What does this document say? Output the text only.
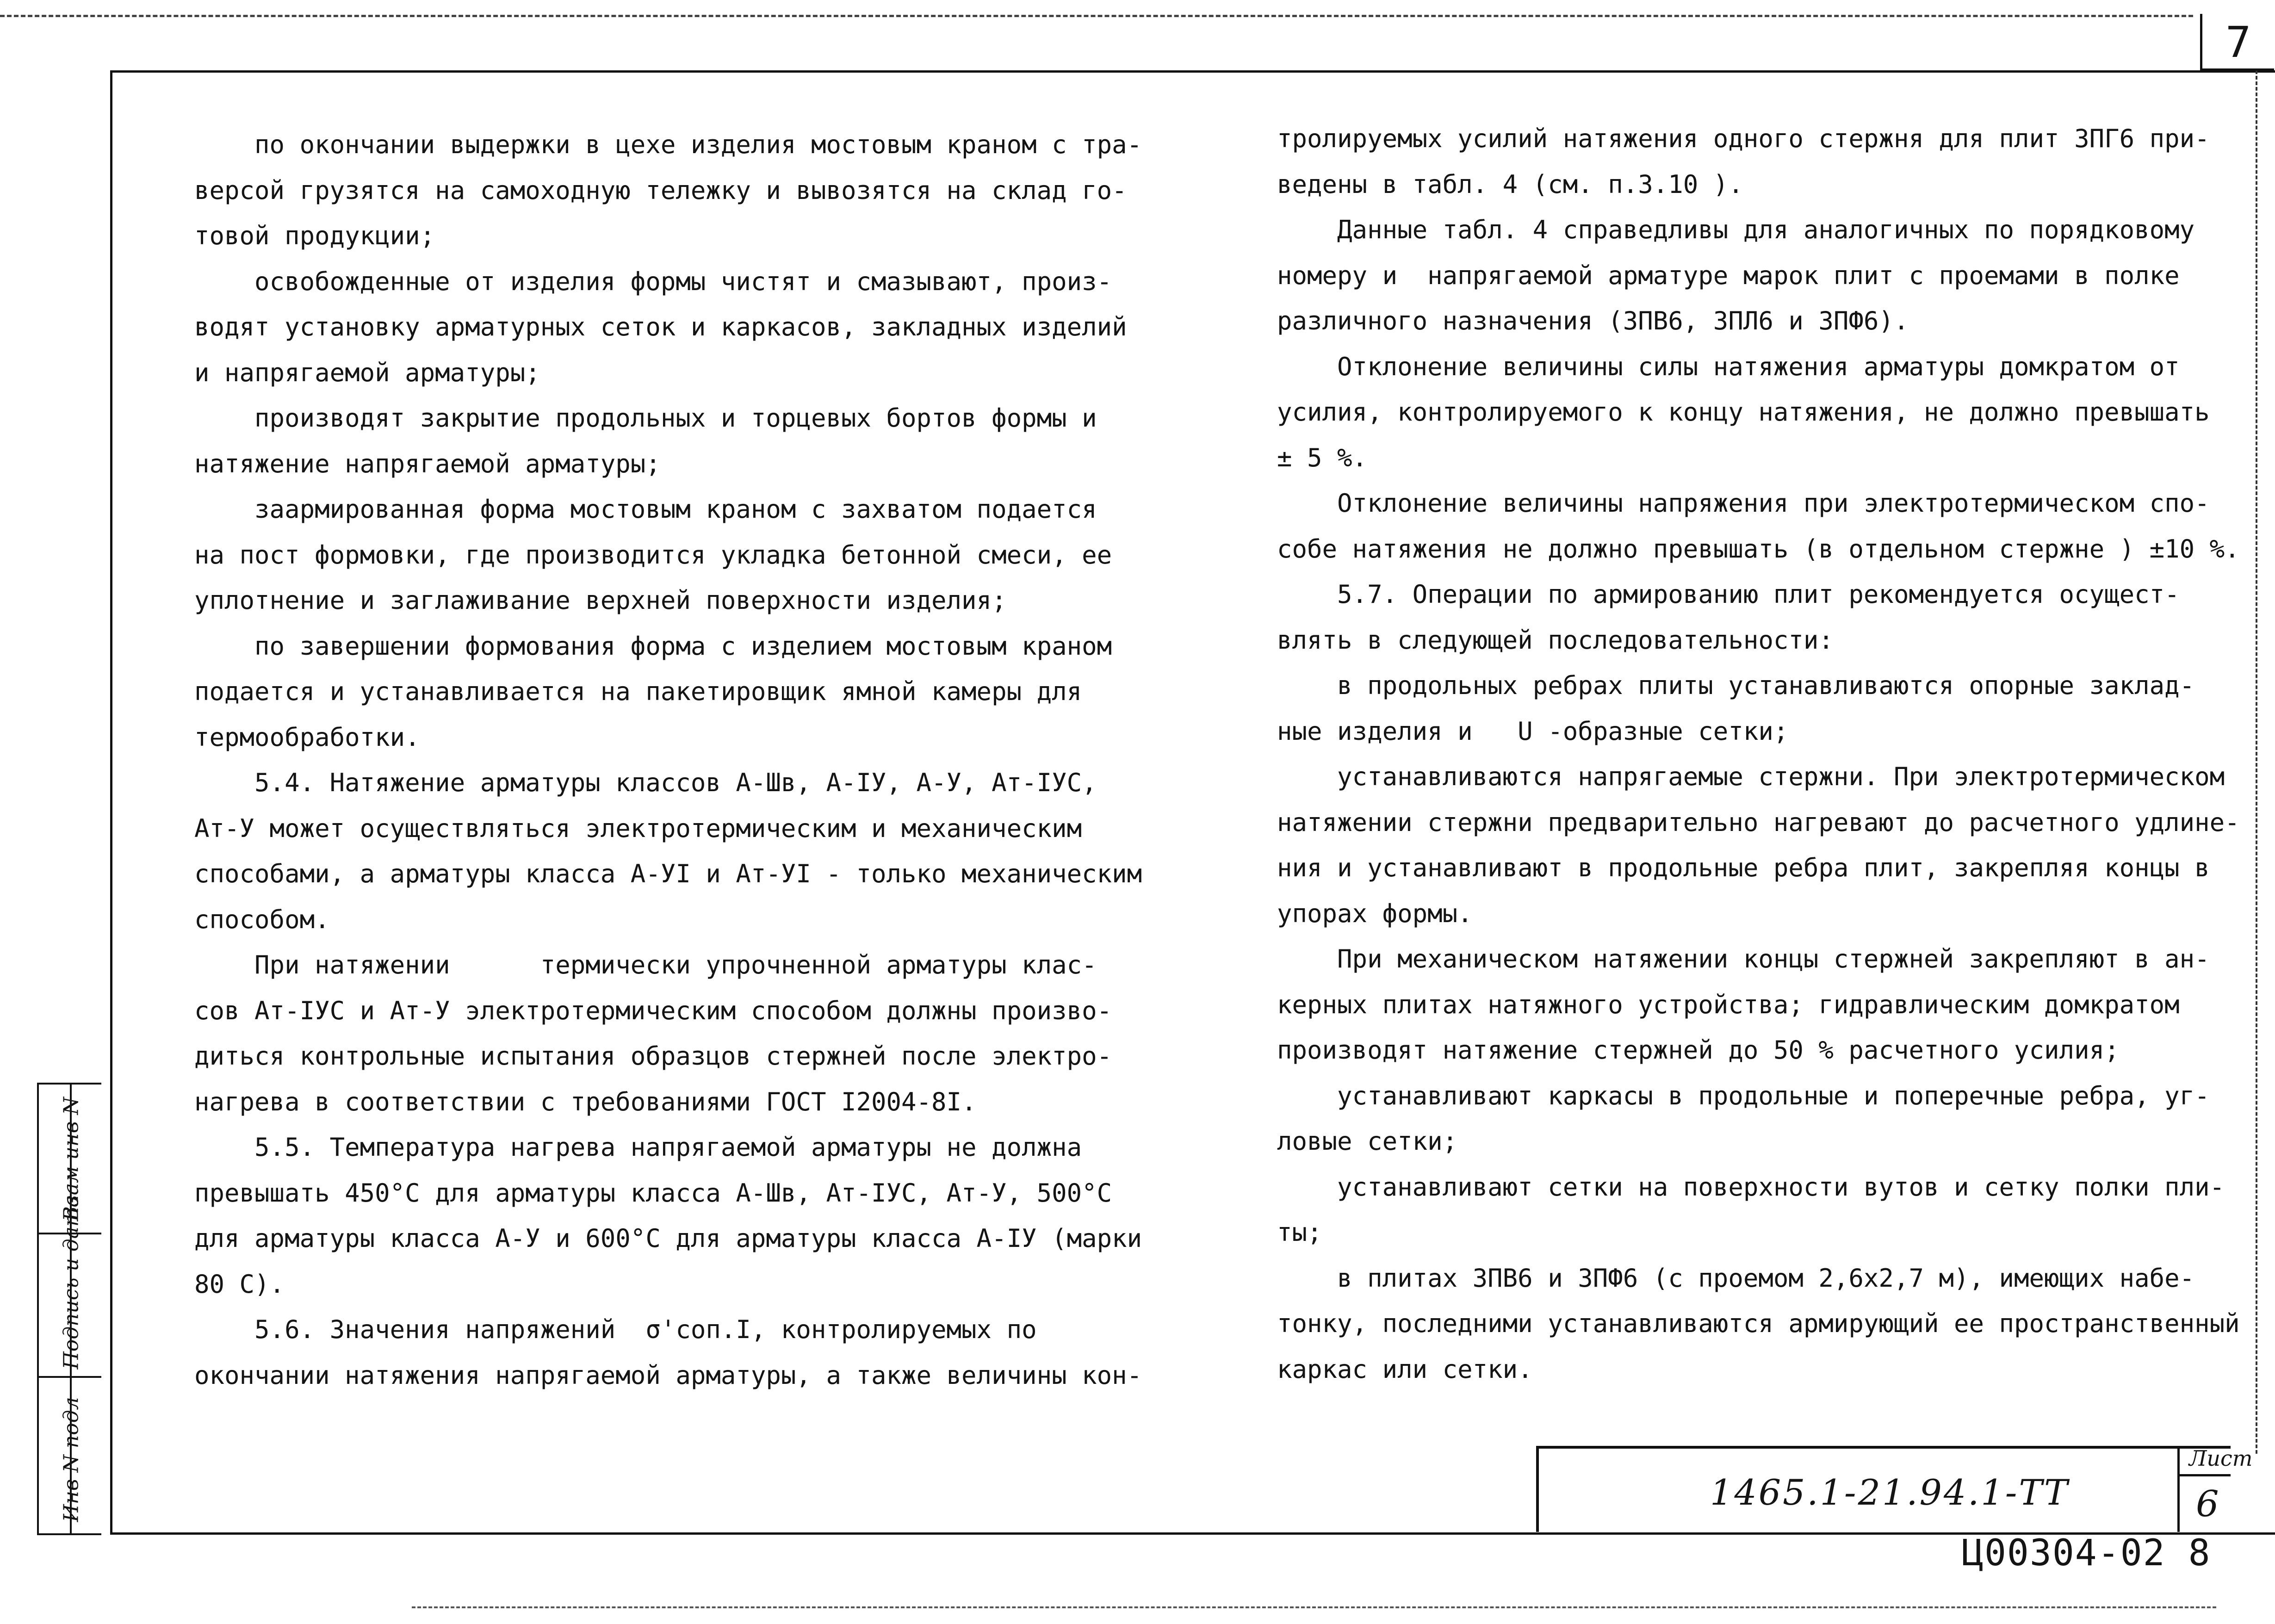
7

по окончании выдержки в цехе изделия мостовым краном с тра-

версой грузятся на самоходную тележку и вывозятся на склад го-

товой продукции;

освобожденные от изделия формы чистят и смазывают, произ-

водят установку арматурных сеток и каркасов, закладных изделий

и напрягаемой арматуры;

производят закрытие продольных и торцевых бортов формы и

натяжение напрягаемой арматуры;

заармированная форма мостовым краном с захватом подается

на пост формовки, где производится укладка бетонной смеси, ее

уплотнение и заглаживание верхней поверхности изделия;

по завершении формования форма с изделием мостовым краном

подается и устанавливается на пакетировщик ямной камеры для

термообработки.

5.4. Натяжение арматуры классов А-Шв, А-IУ, А-У, Ат-IУС,

Ат-У может осуществляться электротермическим и механическим

способами, а арматуры класса А-УI и Ат-УI - только механическим

способом.

При натяжении      термически упрочненной арматуры клас-

сов Ат-IУС и Ат-У электротермическим способом должны произво-

диться контрольные испытания образцов стержней после электро-

нагрева в соответствии с требованиями ГОСТ I2004-8I.

5.5. Температура нагрева напрягаемой арматуры не должна

превышать 450°С для арматуры класса А-Шв, Ат-IУС, Ат-У, 500°С

для арматуры класса А-У и 600°С для арматуры класса А-IУ (марки

80 С).

5.6. Значения напряжений  σ'соп.I, контролируемых по

окончании натяжения напрягаемой арматуры, а также величины кон-

тролируемых усилий натяжения одного стержня для плит ЗПГ6 при-

ведены в табл. 4 (см. п.3.10 ).

Данные табл. 4 справедливы для аналогичных по порядковому

номеру и  напрягаемой арматуре марок плит с проемами в полке

различного назначения (ЗПВ6, ЗПЛ6 и ЗПФ6).

Отклонение величины силы натяжения арматуры домкратом от

усилия, контролируемого к концу натяжения, не должно превышать

± 5 %.

Отклонение величины напряжения при электротермическом спо-

собе натяжения не должно превышать (в отдельном стержне ) ±10 %.

5.7. Операции по армированию плит рекомендуется осущест-

влять в следующей последовательности:

в продольных ребрах плиты устанавливаются опорные заклад-

ные изделия и   U -образные сетки;

устанавливаются напрягаемые стержни. При электротермическом

натяжении стержни предварительно нагревают до расчетного удлине-

ния и устанавливают в продольные ребра плит, закрепляя концы в

упорах формы.

При механическом натяжении концы стержней закрепляют в ан-

керных плитах натяжного устройства; гидравлическим домкратом

производят натяжение стержней до 50 % расчетного усилия;

устанавливают каркасы в продольные и поперечные ребра, уг-

ловые сетки;

устанавливают сетки на поверхности вутов и сетку полки пли-

ты;

в плитах ЗПВ6 и ЗПФ6 (с проемом 2,6х2,7 м), имеющих набе-

тонку, последними устанавливаются армирующий ее пространственный

каркас или сетки.

Инв N подл
Подпись и дата
Взам инв N
1465.1-21.94.1-ТТ
Лист
6
Ц00304-02 8
